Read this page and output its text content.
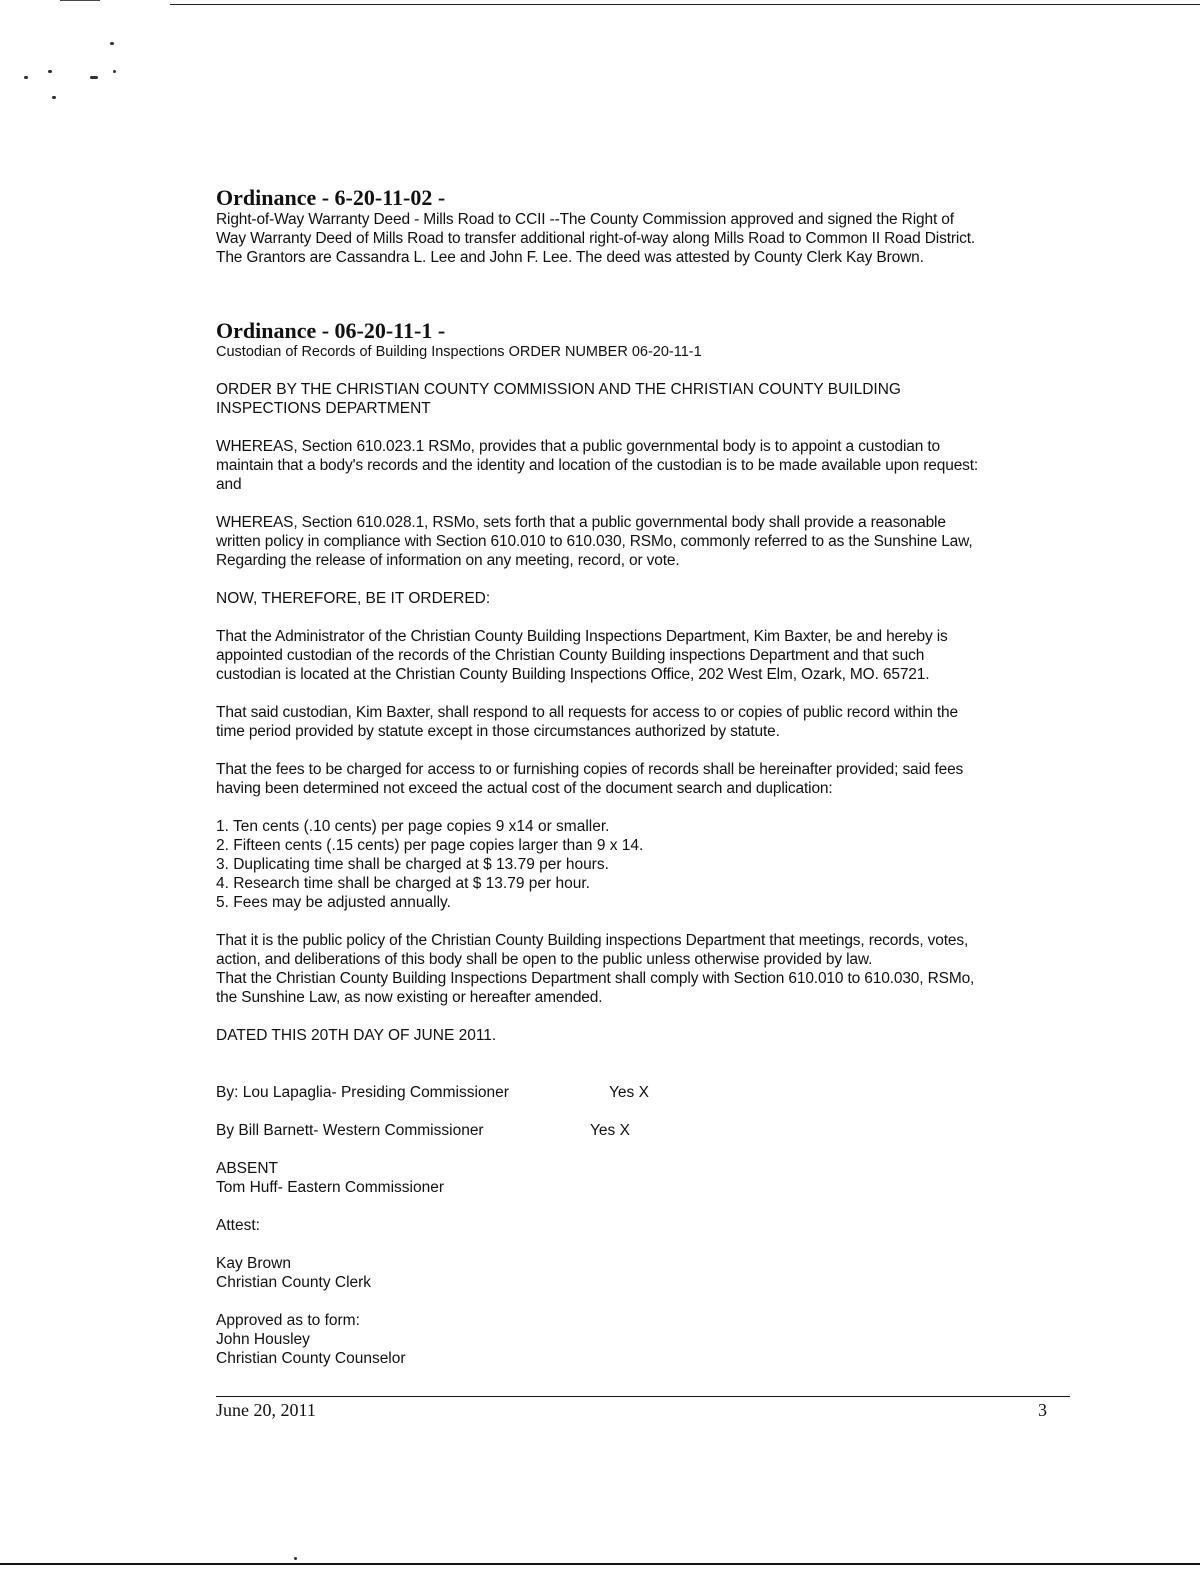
Ordinance - 6-20-11-02 -
Right-of-Way Warranty Deed - Mills Road to CCII --The County Commission approved and signed the Right of
Way Warranty Deed of Mills Road to transfer additional right-of-way along Mills Road to Common II Road District.
The Grantors are Cassandra L. Lee and John F. Lee. The deed was attested by County Clerk Kay Brown.
Ordinance - 06-20-11-1 -
Custodian of Records of Building Inspections ORDER NUMBER 06-20-11-1
ORDER BY THE CHRISTIAN COUNTY COMMISSION AND THE CHRISTIAN COUNTY BUILDING
INSPECTIONS DEPARTMENT
WHEREAS, Section 610.023.1 RSMo, provides that a public governmental body is to appoint a custodian to
maintain that a body's records and the identity and location of the custodian is to be made available upon request:
and
WHEREAS, Section 610.028.1, RSMo, sets forth that a public governmental body shall provide a reasonable
written policy in compliance with Section 610.010 to 610.030, RSMo, commonly referred to as the Sunshine Law,
Regarding the release of information on any meeting, record, or vote.
NOW, THEREFORE, BE IT ORDERED:
That the Administrator of the Christian County Building Inspections Department, Kim Baxter, be and hereby is
appointed custodian of the records of the Christian County Building inspections Department and that such
custodian is located at the Christian County Building Inspections Office, 202 West Elm, Ozark, MO. 65721.
That said custodian, Kim Baxter, shall respond to all requests for access to or copies of public record within the
time period provided by statute except in those circumstances authorized by statute.
That the fees to be charged for access to or furnishing copies of records shall be hereinafter provided; said fees
having been determined not exceed the actual cost of the document search and duplication:
1. Ten cents (.10 cents) per page copies 9 x14 or smaller.
2. Fifteen cents (.15 cents) per page copies larger than 9 x 14.
3. Duplicating time shall be charged at $ 13.79 per hours.
4. Research time shall be charged at $ 13.79 per hour.
5. Fees may be adjusted annually.
That it is the public policy of the Christian County Building inspections Department that meetings, records, votes,
action, and deliberations of this body shall be open to the public unless otherwise provided by law.
That the Christian County Building Inspections Department shall comply with Section 610.010 to 610.030, RSMo,
the Sunshine Law, as now existing or hereafter amended.
DATED THIS 20TH DAY OF JUNE 2011.
By: Lou Lapaglia- Presiding Commissioner	Yes X
By Bill Barnett- Western Commissioner	Yes X
ABSENT
Tom Huff- Eastern Commissioner
Attest:
Kay Brown
Christian County Clerk
Approved as to form:
John Housley
Christian County Counselor
June 20, 2011	3
